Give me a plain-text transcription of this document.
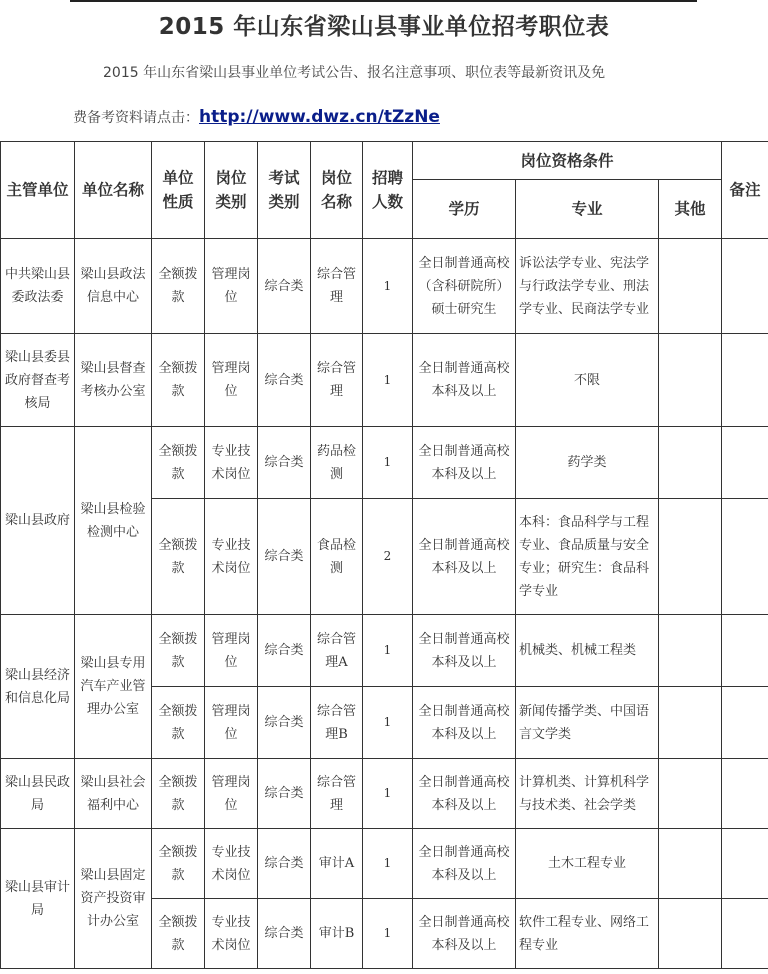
2015 年山东省梁山县事业单位招考职位表
2015 年山东省梁山县事业单位考试公告、报名注意事项、职位表等最新资讯及免
费备考资料请点击：http://www.dwz.cn/tZzNe
主管单位	单位名称	单位性质	岗位类别	考试类别	岗位名称	招聘人数	岗位资格条件			备注
							学历	专业	其他	
中共梁山县委政法委	梁山县政法信息中心	全额拨款	管理岗位	综合类	综合管理	1	全日制普通高校（含科研院所）硕士研究生	诉讼法学专业、宪法学与行政法学专业、刑法学专业、民商法学专业		
梁山县委县政府督查考核局	梁山县督查考核办公室	全额拨款	管理岗位	综合类	综合管理	1	全日制普通高校本科及以上	不限		
梁山县政府	梁山县检验检测中心	全额拨款	专业技术岗位	综合类	药品检测	1	全日制普通高校本科及以上	药学类		
		全额拨款	专业技术岗位	综合类	食品检测	2	全日制普通高校本科及以上	本科：食品科学与工程专业、食品质量与安全专业；研究生：食品科学专业		
梁山县经济和信息化局	梁山县专用汽车产业管理办公室	全额拨款	管理岗位	综合类	综合管理A	1	全日制普通高校本科及以上	机械类、机械工程类		
		全额拨款	管理岗位	综合类	综合管理B	1	全日制普通高校本科及以上	新闻传播学类、中国语言文学类		
梁山县民政局	梁山县社会福利中心	全额拨款	管理岗位	综合类	综合管理	1	全日制普通高校本科及以上	计算机类、计算机科学与技术类、社会学类		
梁山县审计局	梁山县固定资产投资审计办公室	全额拨款	专业技术岗位	综合类	审计A	1	全日制普通高校本科及以上	土木工程专业		
		全额拨款	专业技术岗位	综合类	审计B	1	全日制普通高校本科及以上	软件工程专业、网络工程专业		
